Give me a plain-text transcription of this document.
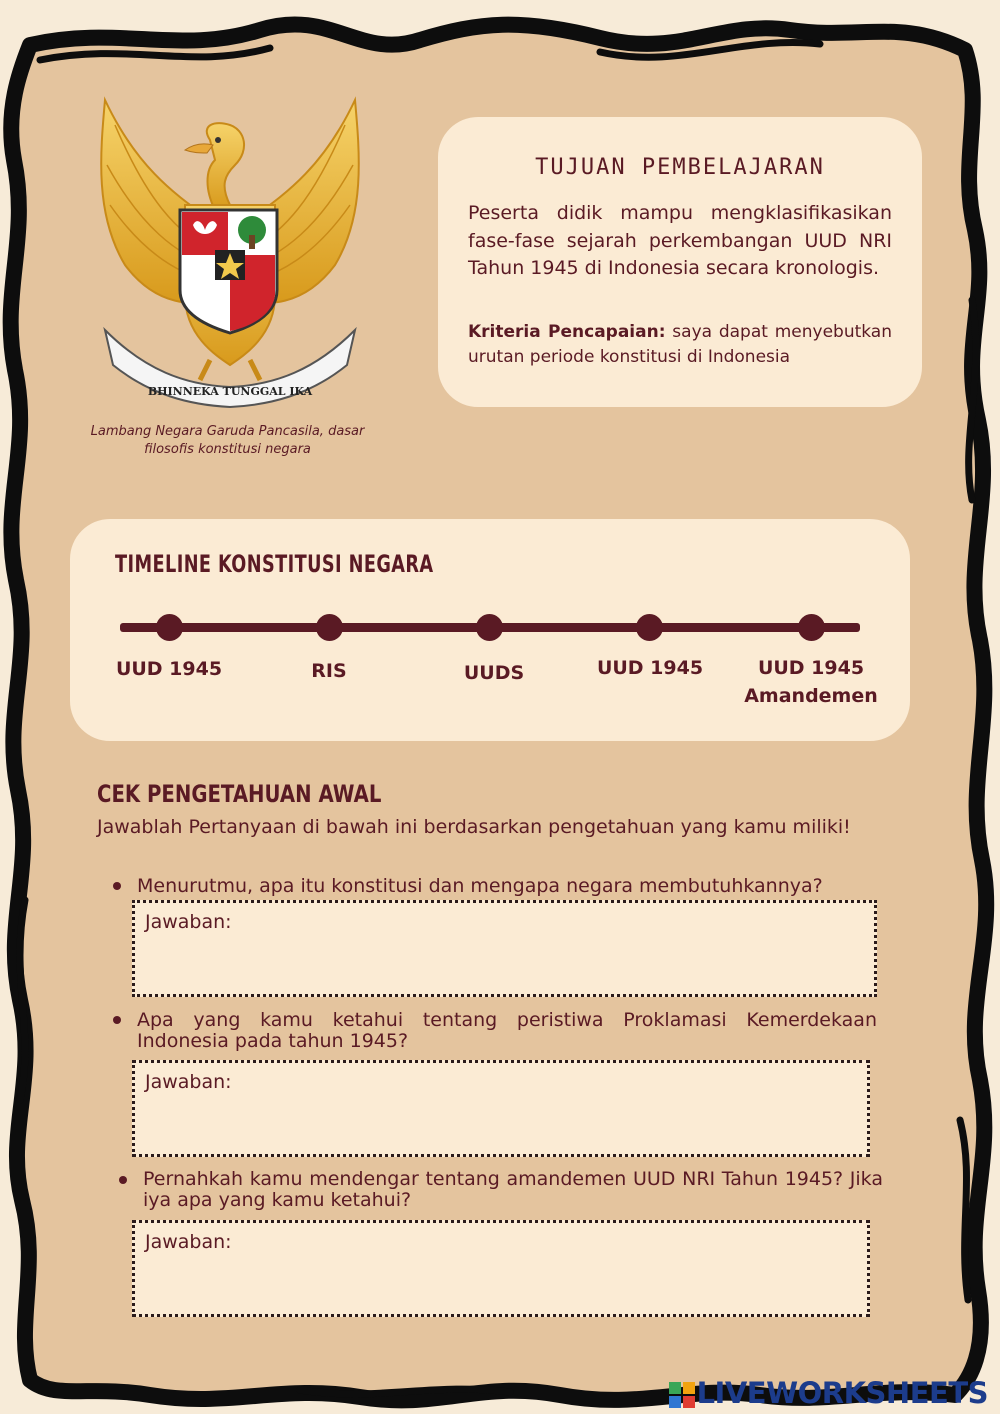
BHINNEKA TUNGGAL IKA
Lambang Negara Garuda Pancasila, dasar filosofis konstitusi negara
TUJUAN PEMBELAJARAN
Peserta didik mampu mengklasifikasikan fase-fase sejarah perkembangan UUD NRI Tahun 1945 di Indonesia secara kronologis.
Kriteria Pencapaian: saya dapat menyebutkan urutan periode konstitusi di Indonesia
TIMELINE KONSTITUSI NEGARA
UUD 1945	RIS	UUDS	UUD 1945	UUD 1945
Amandemen
CEK PENGETAHUAN AWAL
Jawablah Pertanyaan di bawah ini berdasarkan pengetahuan yang kamu miliki!
Menurutmu, apa itu konstitusi dan mengapa negara membutuhkannya?
Jawaban:
Apa yang kamu ketahui tentang peristiwa Proklamasi Kemerdekaan Indonesia pada tahun 1945?
Jawaban:
Pernahkah kamu mendengar tentang amandemen UUD NRI Tahun 1945? Jika iya apa yang kamu ketahui?
Jawaban:
LIVEWORKSHEETS
